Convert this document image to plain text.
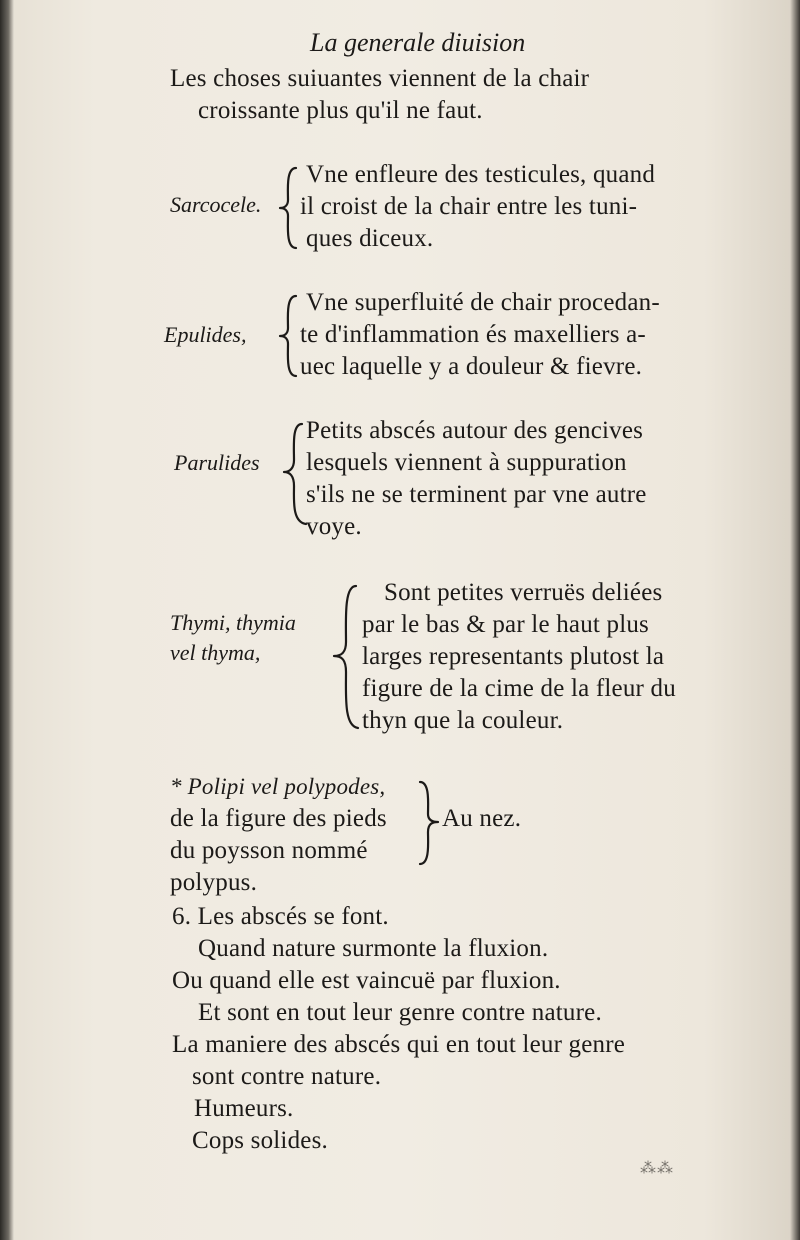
La generale diuision
Les choses suiuantes viennent de la chair
croissante plus qu'il ne faut.
Sarcocele.
Vne enfleure des testicules, quand
il croist de la chair entre les tuni-
ques diceux.
Epulides,
Vne superfluité de chair procedan-
te d'inflammation és maxelliers a-
uec laquelle y a douleur & fievre.
Parulides
Petits abscés autour des gencives
lesquels viennent à suppuration
s'ils ne se terminent par vne autre
voye.
Thymi, thymia
vel thyma,
Sont petites verruës deliées
par le bas & par le haut plus
larges representants plutost la
figure de la cime de la fleur du
thyn que la couleur.
* Polipi vel polypodes,
de la figure des pieds
du poysson nommé
polypus.
Au nez.
6. Les abscés se font.
Quand nature surmonte la fluxion.
Ou quand elle est vaincuë par fluxion.
Et sont en tout leur genre contre nature.
La maniere des abscés qui en tout leur genre
sont contre nature.
Humeurs.
Cops solides.
⁂⁂
